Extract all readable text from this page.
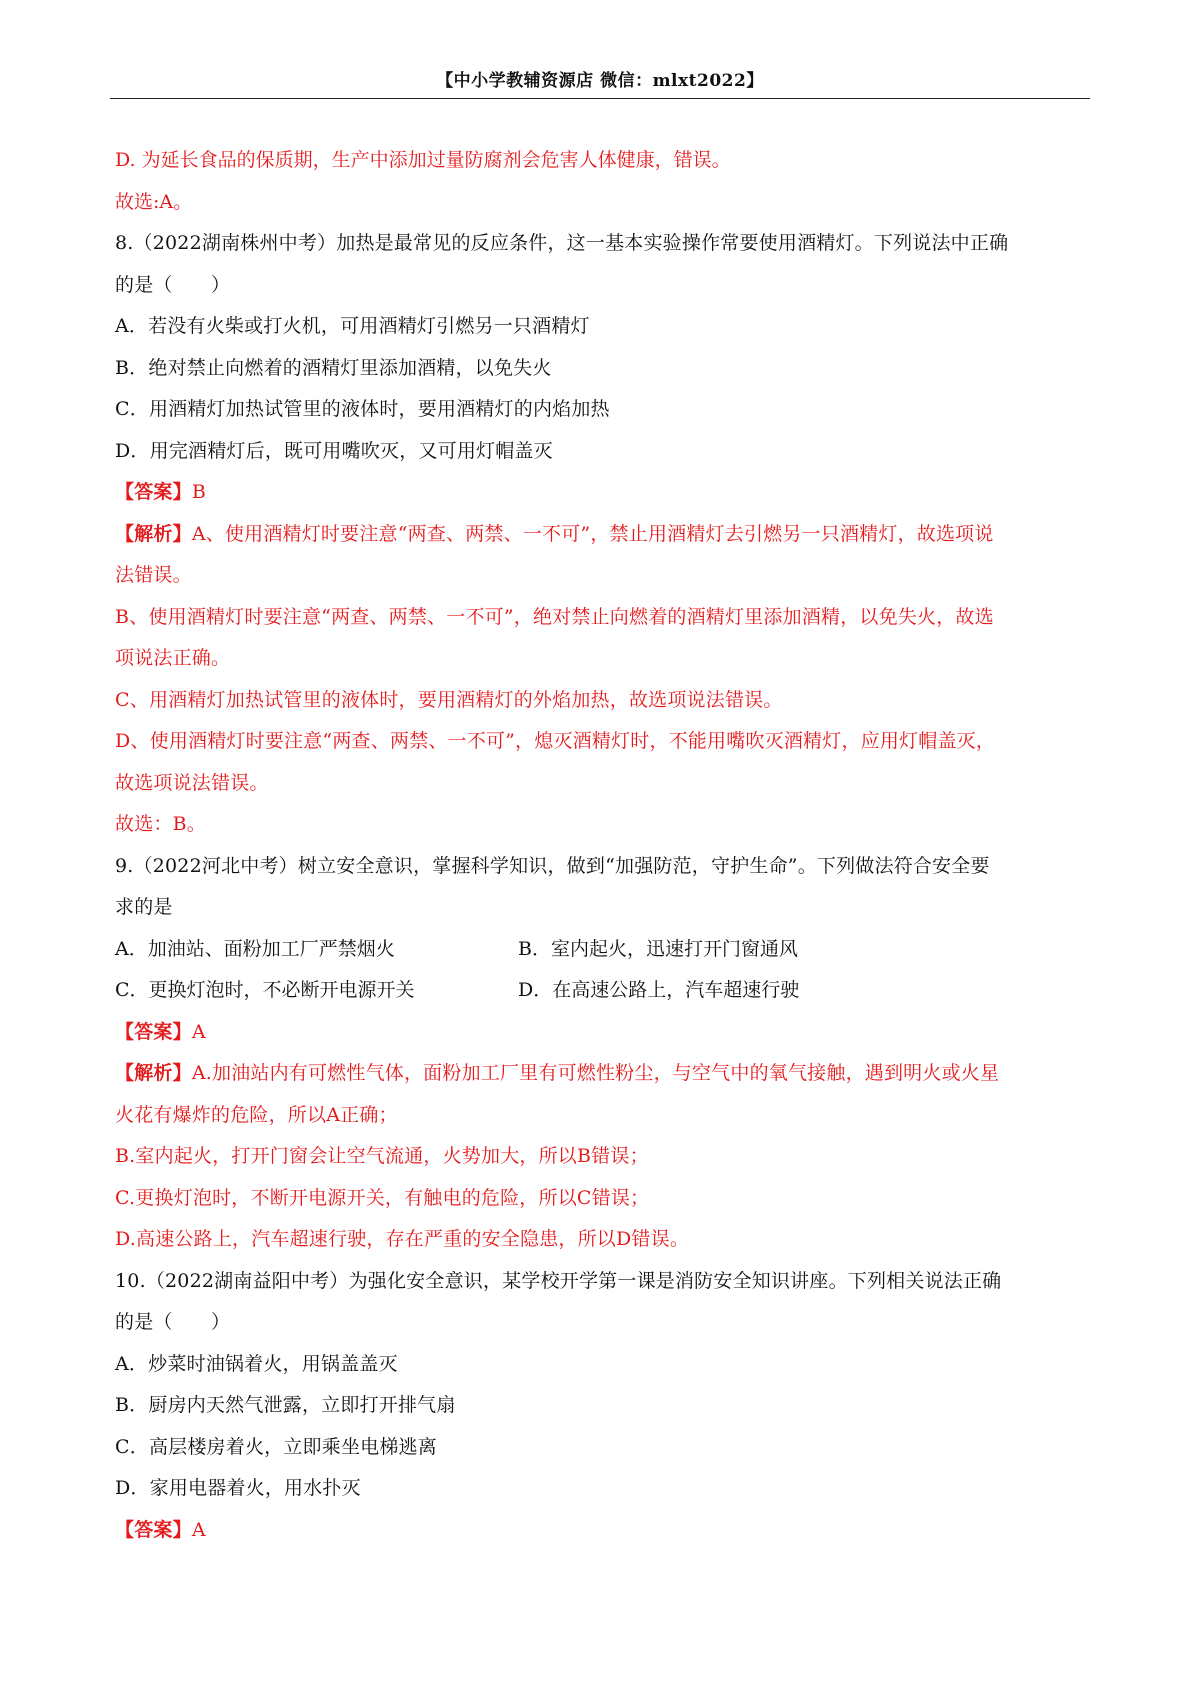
【中小学教辅资源店 微信：mlxt2022】
D. 为延长食品的保质期，生产中添加过量防腐剂会危害人体健康，错误。
故选:A。
8.（2022湖南株州中考）加热是最常见的反应条件，这一基本实验操作常要使用酒精灯。下列说法中正确
的是（　　）
A．若没有火柴或打火机，可用酒精灯引燃另一只酒精灯
B．绝对禁止向燃着的酒精灯里添加酒精，以免失火
C．用酒精灯加热试管里的液体时，要用酒精灯的内焰加热
D．用完酒精灯后，既可用嘴吹灭，又可用灯帽盖灭
【答案】B
【解析】A、使用酒精灯时要注意“两查、两禁、一不可”，禁止用酒精灯去引燃另一只酒精灯，故选项说
法错误。
B、使用酒精灯时要注意“两查、两禁、一不可”，绝对禁止向燃着的酒精灯里添加酒精，以免失火，故选
项说法正确。
C、用酒精灯加热试管里的液体时，要用酒精灯的外焰加热，故选项说法错误。
D、使用酒精灯时要注意“两查、两禁、一不可”，熄灭酒精灯时，不能用嘴吹灭酒精灯，应用灯帽盖灭，
故选项说法错误。
故选：B。
9.（2022河北中考）树立安全意识，掌握科学知识，做到“加强防范，守护生命”。下列做法符合安全要
求的是
A．加油站、面粉加工厂严禁烟火	B．室内起火，迅速打开门窗通风
C．更换灯泡时，不必断开电源开关	D．在高速公路上，汽车超速行驶
【答案】A
【解析】A.加油站内有可燃性气体，面粉加工厂里有可燃性粉尘，与空气中的氧气接触，遇到明火或火星
火花有爆炸的危险，所以A正确；
B.室内起火，打开门窗会让空气流通，火势加大，所以B错误；
C.更换灯泡时，不断开电源开关，有触电的危险，所以C错误；
D.高速公路上，汽车超速行驶，存在严重的安全隐患，所以D错误。
10.（2022湖南益阳中考）为强化安全意识，某学校开学第一课是消防安全知识讲座。下列相关说法正确
的是（　　）
A．炒菜时油锅着火，用锅盖盖灭
B．厨房内天然气泄露，立即打开排气扇
C．高层楼房着火，立即乘坐电梯逃离
D．家用电器着火，用水扑灭
【答案】A
